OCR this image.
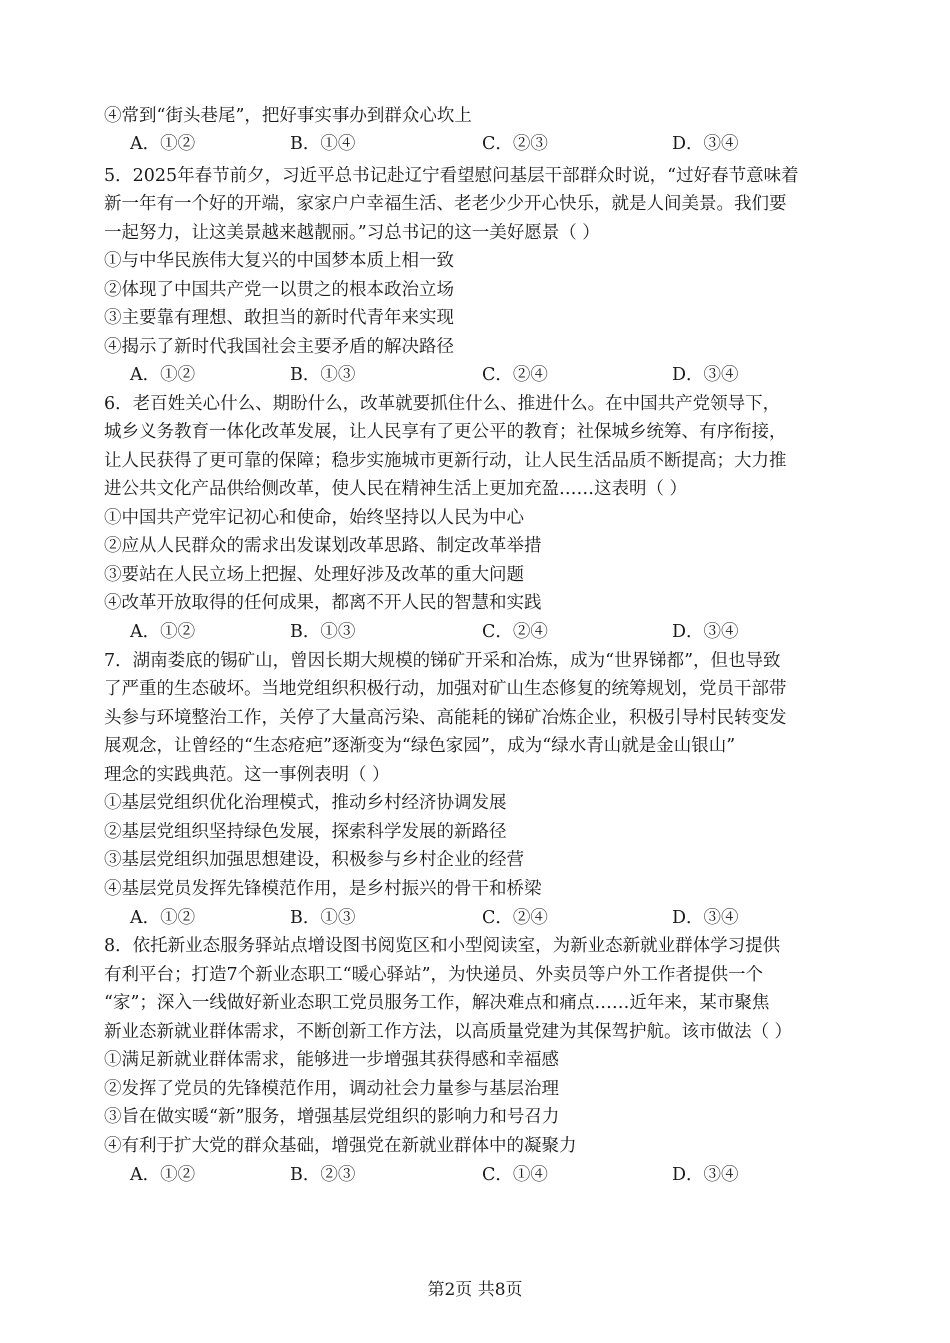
④常到“街头巷尾”，把好事实事办到群众心坎上
A．①②	B．①④	C．②③	D．③④
5．2025年春节前夕，习近平总书记赴辽宁看望慰问基层干部群众时说，“过好春节意味着
新一年有一个好的开端，家家户户幸福生活、老老少少开心快乐，就是人间美景。我们要
一起努力，让这美景越来越靓丽。”习总书记的这一美好愿景（ ）
①与中华民族伟大复兴的中国梦本质上相一致
②体现了中国共产党一以贯之的根本政治立场
③主要靠有理想、敢担当的新时代青年来实现
④揭示了新时代我国社会主要矛盾的解决路径
A．①②	B．①③	C．②④	D．③④
6．老百姓关心什么、期盼什么，改革就要抓住什么、推进什么。在中国共产党领导下，
城乡义务教育一体化改革发展，让人民享有了更公平的教育；社保城乡统筹、有序衔接，
让人民获得了更可靠的保障；稳步实施城市更新行动，让人民生活品质不断提高；大力推
进公共文化产品供给侧改革，使人民在精神生活上更加充盈……这表明（ ）
①中国共产党牢记初心和使命，始终坚持以人民为中心
②应从人民群众的需求出发谋划改革思路、制定改革举措
③要站在人民立场上把握、处理好涉及改革的重大问题
④改革开放取得的任何成果，都离不开人民的智慧和实践
A．①②	B．①③	C．②④	D．③④
7．湖南娄底的锡矿山，曾因长期大规模的锑矿开采和冶炼，成为“世界锑都”，但也导致
了严重的生态破坏。当地党组织积极行动，加强对矿山生态修复的统筹规划，党员干部带
头参与环境整治工作，关停了大量高污染、高能耗的锑矿冶炼企业，积极引导村民转变发
展观念，让曾经的“生态疮疤”逐渐变为“绿色家园”，成为“绿水青山就是金山银山”
理念的实践典范。这一事例表明（ ）
①基层党组织优化治理模式，推动乡村经济协调发展
②基层党组织坚持绿色发展，探索科学发展的新路径
③基层党组织加强思想建设，积极参与乡村企业的经营
④基层党员发挥先锋模范作用，是乡村振兴的骨干和桥梁
A．①②	B．①③	C．②④	D．③④
8．依托新业态服务驿站点增设图书阅览区和小型阅读室，为新业态新就业群体学习提供
有利平台；打造7个新业态职工“暖心驿站”，为快递员、外卖员等户外工作者提供一个
“家”；深入一线做好新业态职工党员服务工作，解决难点和痛点……近年来，某市聚焦
新业态新就业群体需求，不断创新工作方法，以高质量党建为其保驾护航。该市做法（ ）
①满足新就业群体需求，能够进一步增强其获得感和幸福感
②发挥了党员的先锋模范作用，调动社会力量参与基层治理
③旨在做实暖“新”服务，增强基层党组织的影响力和号召力
④有利于扩大党的群众基础，增强党在新就业群体中的凝聚力
A．①②	B．②③	C．①④	D．③④
第2页 共8页
